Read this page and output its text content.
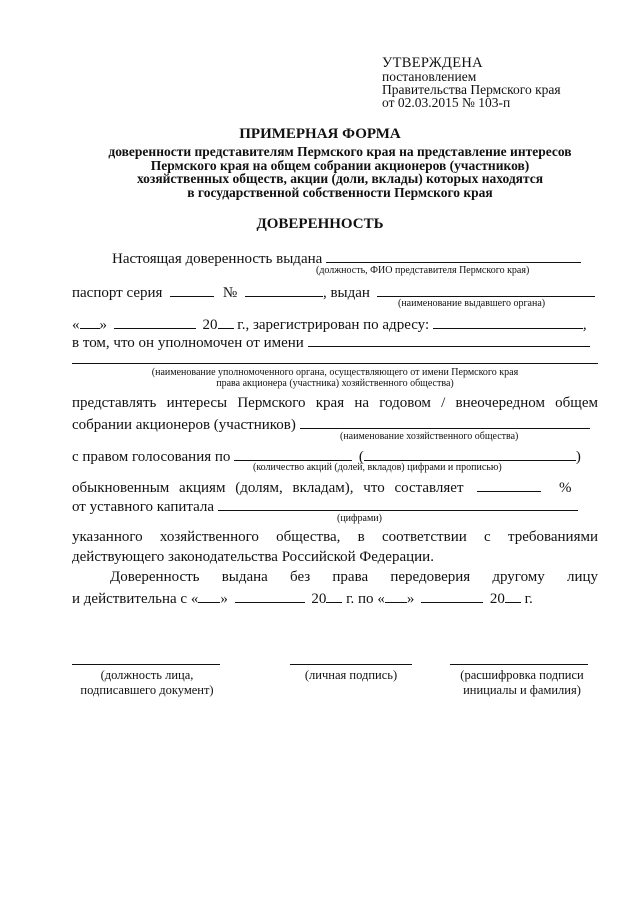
УТВЕРЖДЕНА
постановлением
Правительства Пермского края
от 02.03.2015 № 103-п
ПРИМЕРНАЯ ФОРМА
доверенности представителям Пермского края на представление интересов
Пермского края на общем собрании акционеров (участников)
хозяйственных обществ, акции (доли, вклады) которых находятся
в государственной собственности Пермского края
ДОВЕРЕННОСТЬ
Настоящая доверенность выдана
(должность, ФИО представителя Пермского края)
паспорт серия	№	, выдан
(наименование выдавшего органа)
« »	20 г., зарегистрирован по адресу:	,
в том, что он уполномочен от имени
(наименование уполномоченного органа, осуществляющего от имени Пермского края
права акционера (участника) хозяйственного общества)
представлять интересы Пермского края на годовом / внеочередном общем
собрании акционеров (участников)
(наименование хозяйственного общества)
с правом голосования по	(	)
(количество акций (долей, вкладов) цифрами и прописью)
обыкновенным акциям (долям, вкладам), что составляет	%
от уставного капитала
(цифрами)
указанного хозяйственного общества, в соответствии с требованиями
действующего законодательства Российской Федерации.
Доверенность выдана без права передоверия другому лицу
и действительна с « »	20 г. по « »	20 г.
(должность лица,
подписавшего документ)
(личная подпись)	(расшифровка подписи
инициалы и фамилия)
